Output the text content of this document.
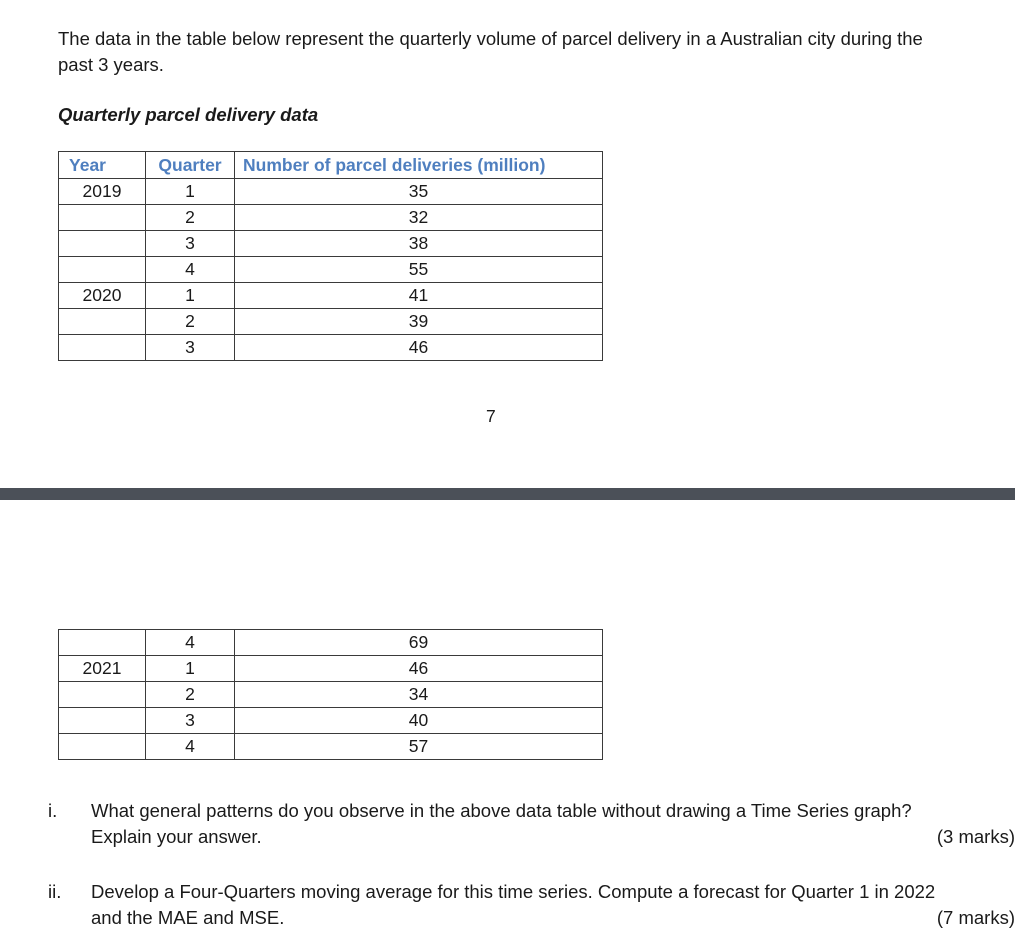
The data in the table below represent the quarterly volume of parcel delivery in a Australian city during the past 3 years.

Quarterly parcel delivery data

Year	Quarter	Number of parcel deliveries (million)
2019	1	35
	2	32
	3	38
	4	55
2020	1	41
	2	39
	3	46
7
	4	69
2021	1	46
	2	34
	3	40
	4	57
i. What general patterns do you observe in the above data table without drawing a Time Series graph? Explain your answer.	(3 marks)
ii. Develop a Four-Quarters moving average for this time series. Compute a forecast for Quarter 1 in 2022 and the MAE and MSE.	(7 marks)
